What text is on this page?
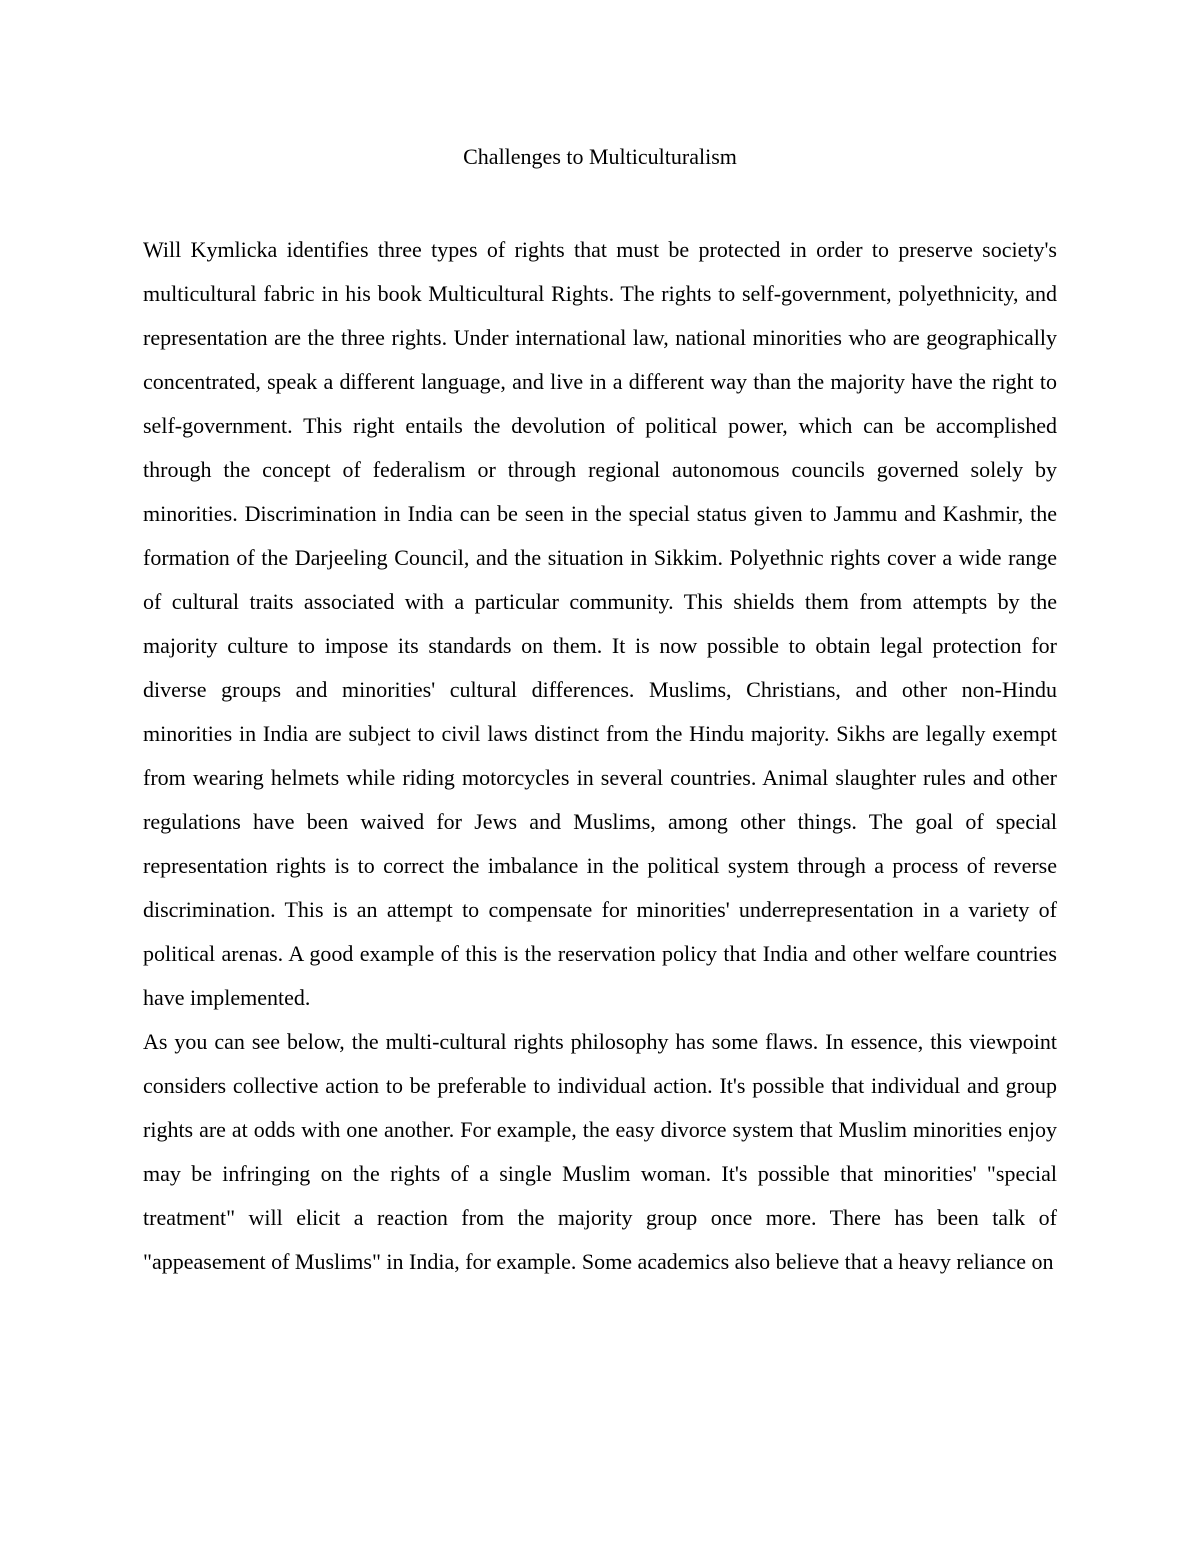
Challenges to Multiculturalism

Will Kymlicka identifies three types of rights that must be protected in order to preserve society's multicultural fabric in his book Multicultural Rights. The rights to self-government, polyethnicity, and representation are the three rights. Under international law, national minorities who are geographically concentrated, speak a different language, and live in a different way than the majority have the right to self-government. This right entails the devolution of political power, which can be accomplished through the concept of federalism or through regional autonomous councils governed solely by minorities. Discrimination in India can be seen in the special status given to Jammu and Kashmir, the formation of the Darjeeling Council, and the situation in Sikkim. Polyethnic rights cover a wide range of cultural traits associated with a particular community. This shields them from attempts by the majority culture to impose its standards on them. It is now possible to obtain legal protection for diverse groups and minorities' cultural differences. Muslims, Christians, and other non-Hindu minorities in India are subject to civil laws distinct from the Hindu majority. Sikhs are legally exempt from wearing helmets while riding motorcycles in several countries. Animal slaughter rules and other regulations have been waived for Jews and Muslims, among other things. The goal of special representation rights is to correct the imbalance in the political system through a process of reverse discrimination. This is an attempt to compensate for minorities' underrepresentation in a variety of political arenas. A good example of this is the reservation policy that India and other welfare countries have implemented.

As you can see below, the multi-cultural rights philosophy has some flaws. In essence, this viewpoint considers collective action to be preferable to individual action. It's possible that individual and group rights are at odds with one another. For example, the easy divorce system that Muslim minorities enjoy may be infringing on the rights of a single Muslim woman. It's possible that minorities' "special treatment" will elicit a reaction from the majority group once more. There has been talk of "appeasement of Muslims" in India, for example. Some academics also believe that a heavy reliance on
